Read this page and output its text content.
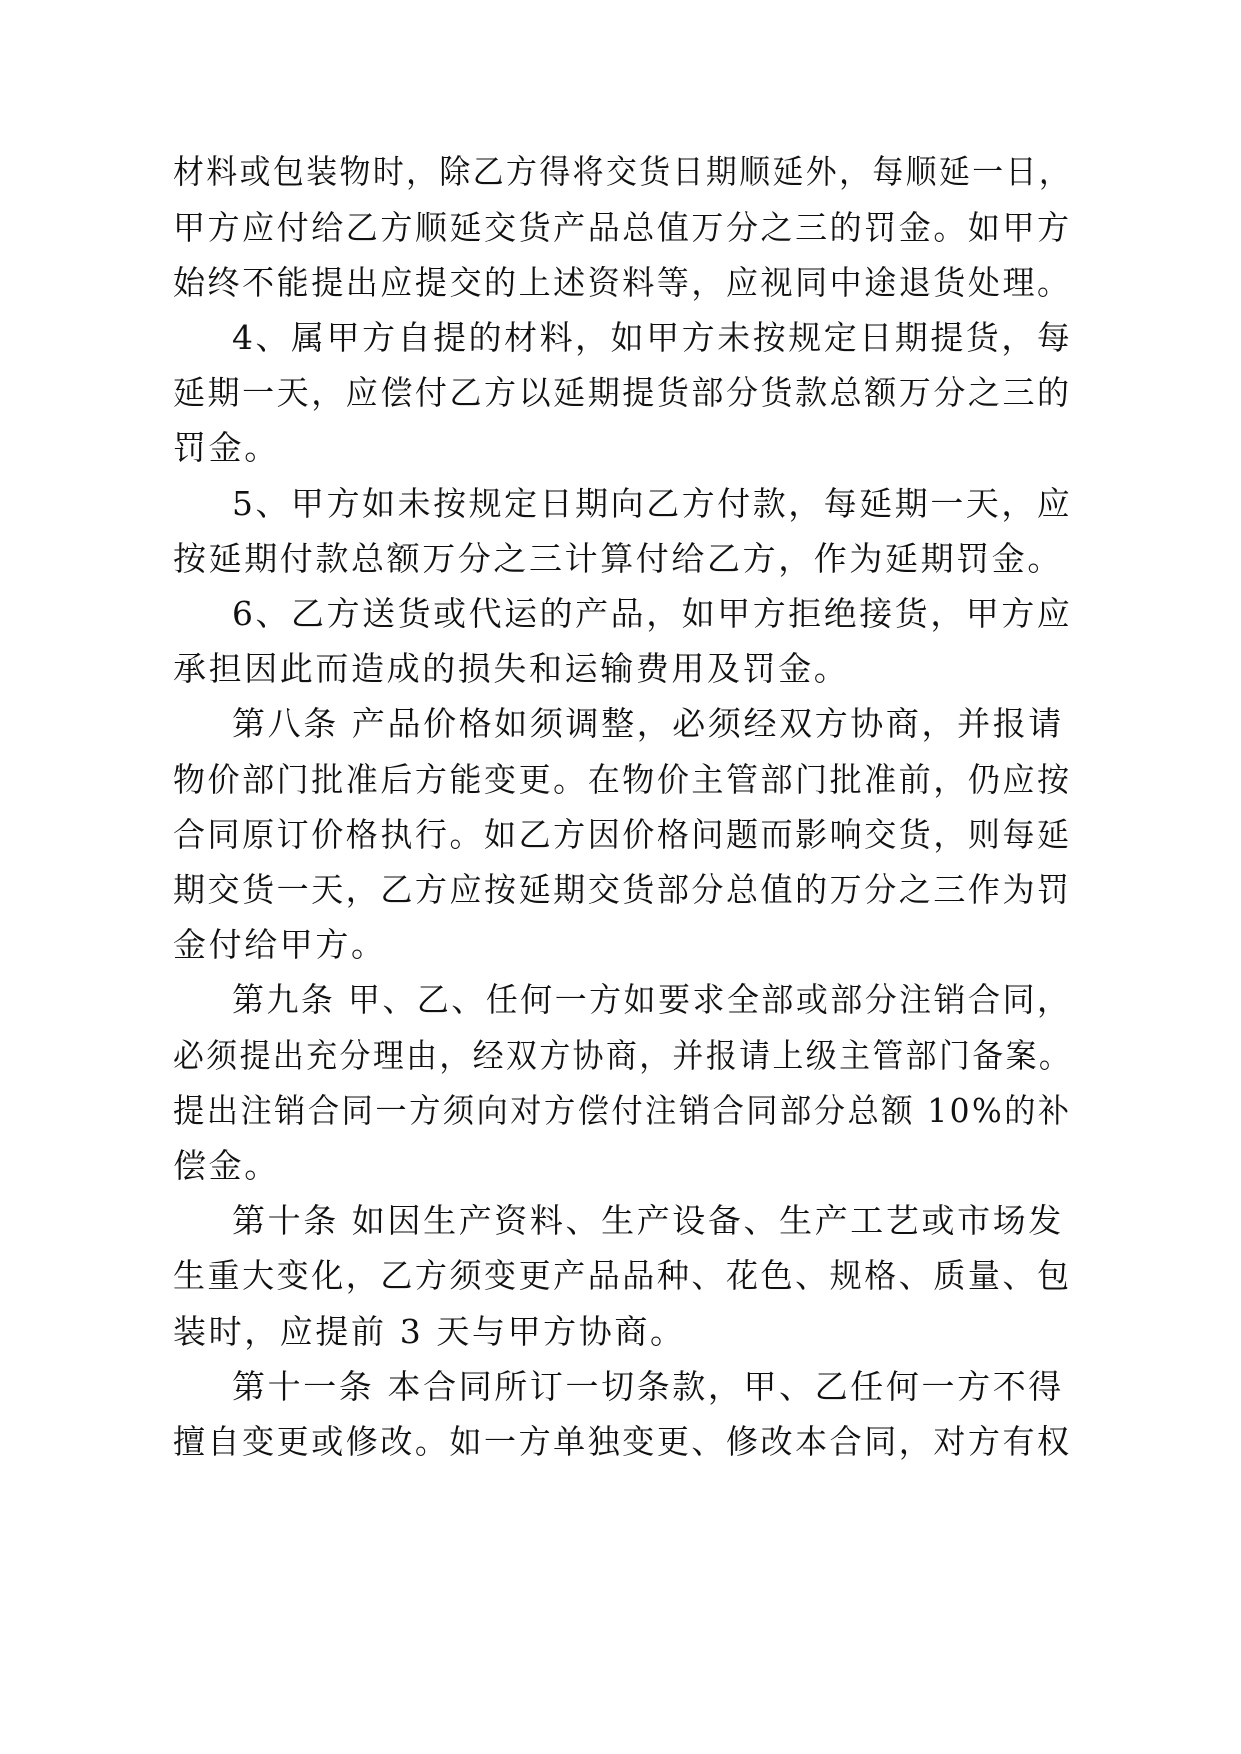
材料或包装物时，除乙方得将交货日期顺延外，每顺延一日，
甲方应付给乙方顺延交货产品总值万分之三的罚金。如甲方
始终不能提出应提交的上述资料等，应视同中途退货处理。
4、属甲方自提的材料，如甲方未按规定日期提货，每
延期一天，应偿付乙方以延期提货部分货款总额万分之三的
罚金。
5、甲方如未按规定日期向乙方付款，每延期一天，应
按延期付款总额万分之三计算付给乙方，作为延期罚金。
6、乙方送货或代运的产品，如甲方拒绝接货，甲方应
承担因此而造成的损失和运输费用及罚金。
第八条 产品价格如须调整，必须经双方协商，并报请
物价部门批准后方能变更。在物价主管部门批准前，仍应按
合同原订价格执行。如乙方因价格问题而影响交货，则每延
期交货一天，乙方应按延期交货部分总值的万分之三作为罚
金付给甲方。
第九条 甲、乙、任何一方如要求全部或部分注销合同，
必须提出充分理由，经双方协商，并报请上级主管部门备案。
提出注销合同一方须向对方偿付注销合同部分总额 10%的补
偿金。
第十条 如因生产资料、生产设备、生产工艺或市场发
生重大变化，乙方须变更产品品种、花色、规格、质量、包
装时，应提前 3 天与甲方协商。
第十一条 本合同所订一切条款，甲、乙任何一方不得
擅自变更或修改。如一方单独变更、修改本合同，对方有权
